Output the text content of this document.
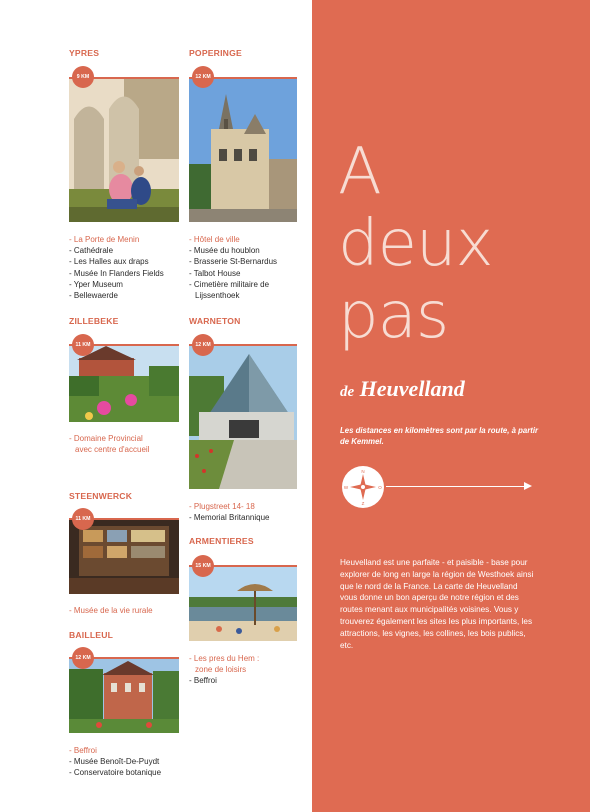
YPRES
9 KM
- La Porte de Menin
- Cathédrale
- Les Halles aux draps
- Musée In Flanders Fields
- Yper Museum
- Bellewaerde
POPERINGE
12 KM
- Hôtel de ville
- Musée du houblon
- Brasserie St-Bernardus
- Talbot House
- Cimetière militaire de
Lijssenthoek
ZILLEBEKE
11 KM
- Domaine Provincial
avec centre d'accueil
WARNETON
12 KM
- Plugstreet 14- 18
- Memorial Britannique
STEENWERCK
11 KM
- Musée de la vie rurale
ARMENTIERES
15 KM
- Les pres du Hem :
zone de loisirs
- Beffroi
BAILLEUL
12 KM
- Beffroi
- Musée Benoît-De-Puydt
- Conservatoire botanique
A
deux
pas
de Heuvelland
Les distances en kilomètres sont par la route, à partir de Kemmel.
N
Z
O
W
Heuvelland est une parfaite - et paisible - base pour explorer de long en large la région de Westhoek ainsi que le nord de la France. La carte de Heuvelland vous donne un bon aperçu de notre région et des routes menant aux municipalités voisines. Vous y trouverez également les sites les plus importants, les attractions, les vignes, les collines, les bois publics, etc.
